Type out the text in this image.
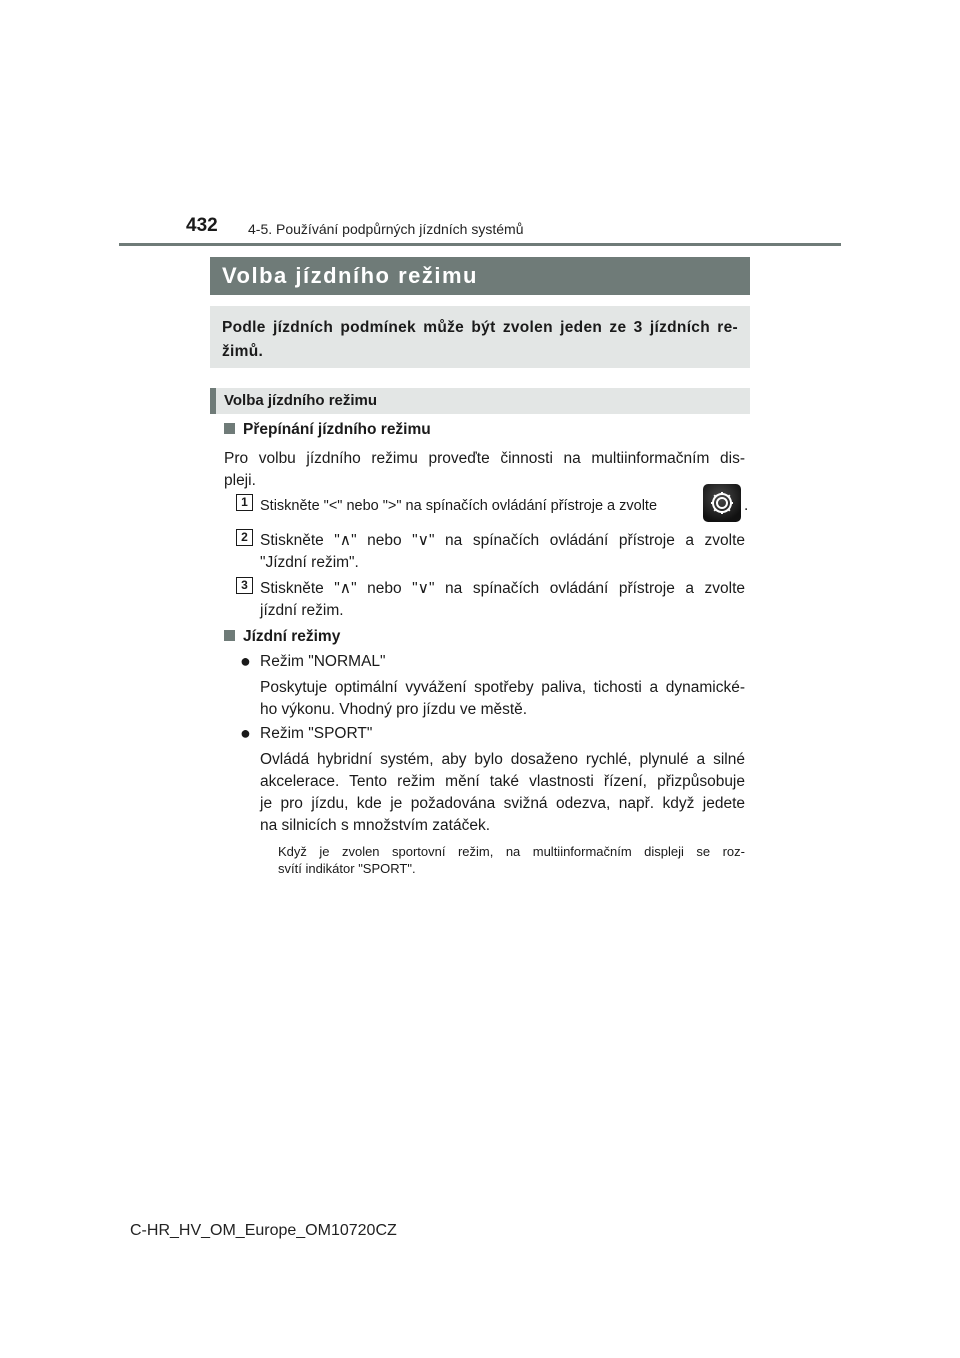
432 4-5. Používání podpůrných jízdních systémů
Volba jízdního režimu
Podle jízdních podmínek může být zvolen jeden ze 3 jízdních re-
žimů.
Volba jízdního režimu
Přepínání jízdního režimu
Pro volbu jízdního režimu proveďte činnosti na multiinformačním dis-
pleji.
1 Stiskněte "<" nebo ">" na spínačích ovládání přístroje a zvolte	.
2 Stiskněte "∧" nebo "∨" na spínačích ovládání přístroje a zvolte
"Jízdní režim".
3 Stiskněte "∧" nebo "∨" na spínačích ovládání přístroje a zvolte
jízdní režim.
Jízdní režimy
● Režim "NORMAL"
Poskytuje optimální vyvážení spotřeby paliva, tichosti a dynamické-
ho výkonu. Vhodný pro jízdu ve městě.
● Režim "SPORT"
Ovládá hybridní systém, aby bylo dosaženo rychlé, plynulé a silné
akcelerace. Tento režim mění také vlastnosti řízení, přizpůsobuje
je pro jízdu, kde je požadována svižná odezva, např. když jedete
na silnicích s množstvím zatáček.
Když je zvolen sportovní režim, na multiinformačním displeji se roz-
svítí indikátor "SPORT".
C-HR_HV_OM_Europe_OM10720CZ
